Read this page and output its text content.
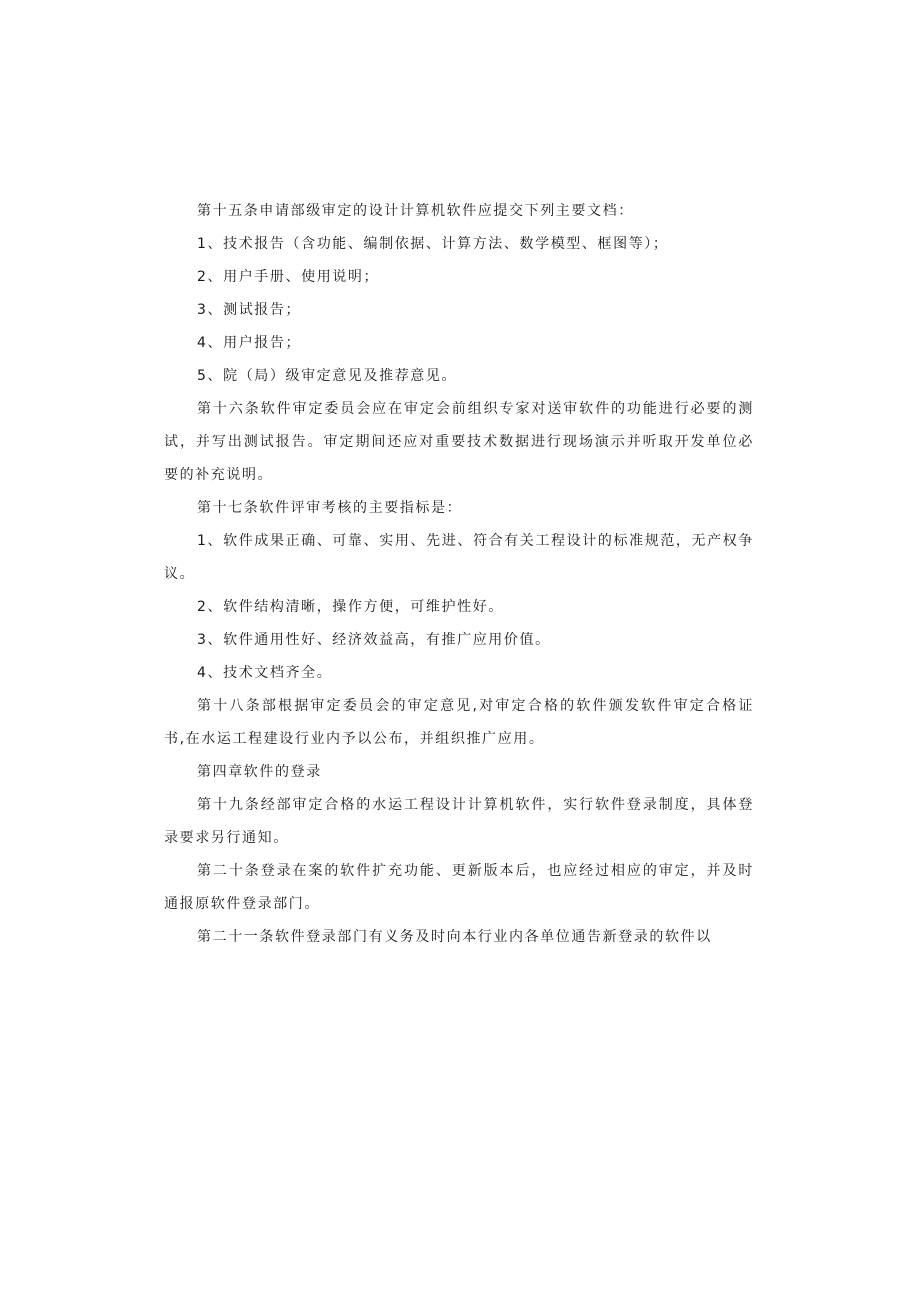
第十五条申请部级审定的设计计算机软件应提交下列主要文档：

1、技术报告（含功能、编制依据、计算方法、数学模型、框图等）；

2、用户手册、使用说明；

3、测试报告；

4、用户报告；

5、院（局）级审定意见及推荐意见。

第十六条软件审定委员会应在审定会前组织专家对送审软件的功能进行必要的测试，并写出测试报告。审定期间还应对重要技术数据进行现场演示并听取开发单位必要的补充说明。

第十七条软件评审考核的主要指标是：

1、软件成果正确、可靠、实用、先进、符合有关工程设计的标准规范，无产权争议。

2、软件结构清晰，操作方便，可维护性好。

3、软件通用性好、经济效益高，有推广应用价值。

4、技术文档齐全。

第十八条部根据审定委员会的审定意见,对审定合格的软件颁发软件审定合格证书,在水运工程建设行业内予以公布，并组织推广应用。

第四章软件的登录

第十九条经部审定合格的水运工程设计计算机软件，实行软件登录制度，具体登录要求另行通知。

第二十条登录在案的软件扩充功能、更新版本后，也应经过相应的审定，并及时通报原软件登录部门。

第二十一条软件登录部门有义务及时向本行业内各单位通告新登录的软件以
